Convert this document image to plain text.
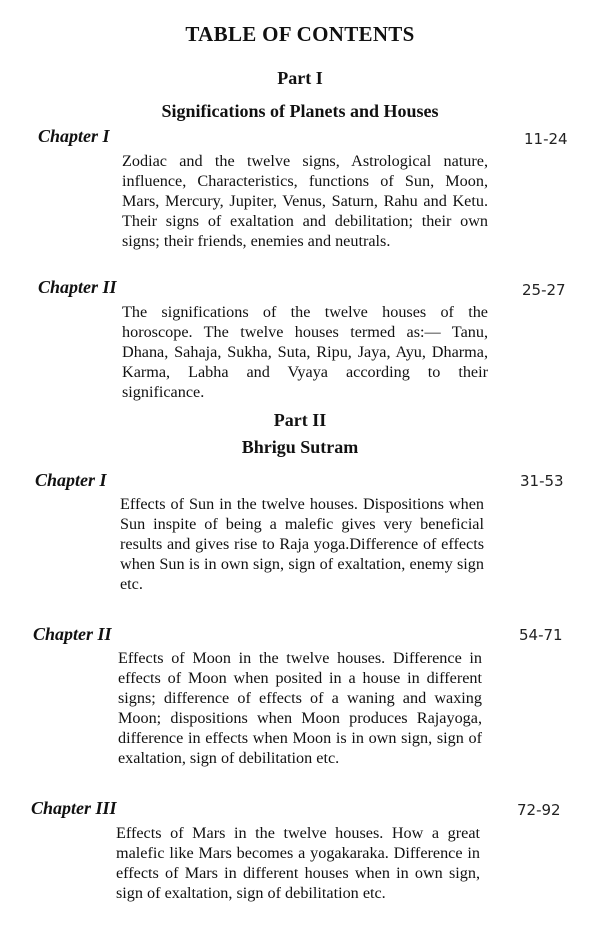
TABLE OF CONTENTS
Part I
Significations of Planets and Houses
Chapter I	11-24
Zodiac and the twelve signs, Astrological nature, influence, Characteristics, functions of Sun, Moon, Mars, Mercury, Jupiter, Venus, Saturn, Rahu and Ketu. Their signs of exaltation and debilitation; their own signs; their friends, enemies and neutrals.
Chapter II	25-27
The significations of the twelve houses of the horoscope. The twelve houses termed as:— Tanu, Dhana, Sahaja, Sukha, Suta, Ripu, Jaya, Ayu, Dharma, Karma, Labha and Vyaya according to their significance.
Part II
Bhrigu Sutram
Chapter I	31-53
Effects of Sun in the twelve houses. Dispositions when Sun inspite of being a malefic gives very beneficial results and gives rise to Raja yoga.Difference of effects when Sun is in own sign, sign of exaltation, enemy sign etc.
Chapter II	54-71
Effects of Moon in the twelve houses. Difference in effects of Moon when posited in a house in different signs; difference of effects of a waning and waxing Moon; dispositions when Moon produces Rajayoga, difference in effects when Moon is in own sign, sign of exaltation, sign of debilitation etc.
Chapter III	72-92
Effects of Mars in the twelve houses. How a great malefic like Mars becomes a yogakaraka. Difference in effects of Mars in different houses when in own sign, sign of exaltation, sign of debilitation etc.
